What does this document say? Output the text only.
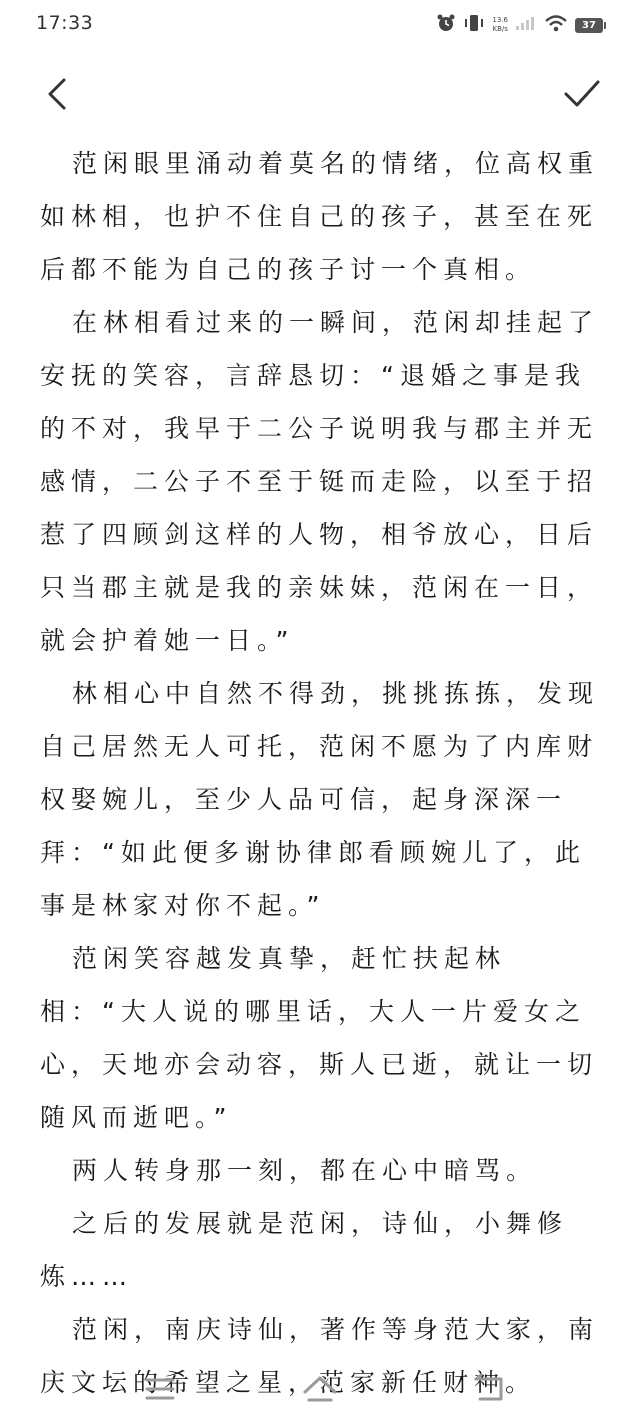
17:33	13.6
KB/s	37

范闲眼里涌动着莫名的情绪，位高权重如林相，也护不住自己的孩子，甚至在死后都不能为自己的孩子讨一个真相。

在林相看过来的一瞬间，范闲却挂起了安抚的笑容，言辞恳切：“退婚之事是我的不对，我早于二公子说明我与郡主并无感情，二公子不至于铤而走险，以至于招惹了四顾剑这样的人物，相爷放心，日后只当郡主就是我的亲妹妹，范闲在一日，就会护着她一日。”

林相心中自然不得劲，挑挑拣拣，发现自己居然无人可托，范闲不愿为了内库财权娶婉儿，至少人品可信，起身深深一拜：“如此便多谢协律郎看顾婉儿了，此事是林家对你不起。”

范闲笑容越发真挚，赶忙扶起林相：“大人说的哪里话，大人一片爱女之心，天地亦会动容，斯人已逝，就让一切随风而逝吧。”

两人转身那一刻，都在心中暗骂。

之后的发展就是范闲，诗仙，小舞修炼……

范闲，南庆诗仙，著作等身范大家，南庆文坛的希望之星，范家新任财神。
